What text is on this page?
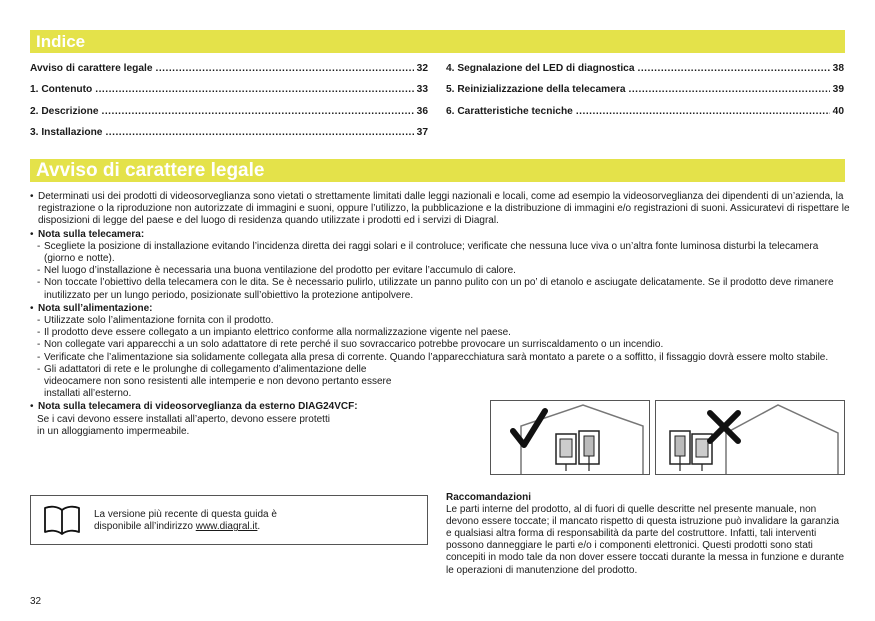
Indice
Avviso di carattere legale .....	32
1. Contenuto .....	33
2. Descrizione .....	36
3. Installazione .....	37
4. Segnalazione del LED di diagnostica .....	38
5. Reinizializzazione della telecamera .....	39
6. Caratteristiche tecniche .....	40
Avviso di carattere legale
• Determinati usi dei prodotti di videosorveglianza sono vietati o strettamente limitati dalle leggi nazionali e locali, come ad esempio la videosorveglianza dei dipendenti di un’azienda, la registrazione o la riproduzione non autorizzate di immagini e suoni, oppure l’utilizzo, la pubblicazione e la distribuzione di immagini e/o registrazioni di suoni. Assicuratevi di rispettare le disposizioni di legge del paese e del luogo di residenza quando utilizzate i prodotti ed i servizi di Diagral.
• Nota sulla telecamera:
- Scegliete la posizione di installazione evitando l’incidenza diretta dei raggi solari e il controluce; verificate che nessuna luce viva o un’altra fonte luminosa disturbi la telecamera (giorno e notte).
- Nel luogo d’installazione è necessaria una buona ventilazione del prodotto per evitare l’accumulo di calore.
- Non toccate l’obiettivo della telecamera con le dita. Se è necessario pulirlo, utilizzate un panno pulito con un po’ di etanolo e asciugate delicatamente. Se il prodotto deve rimanere inutilizzato per un lungo periodo, posizionate sull’obiettivo la protezione antipolvere.
• Nota sull’alimentazione:
- Utilizzate solo l’alimentazione fornita con il prodotto.
- Il prodotto deve essere collegato a un impianto elettrico conforme alla normalizzazione vigente nel paese.
- Non collegate vari apparecchi a un solo adattatore di rete perché il suo sovraccarico potrebbe provocare un surriscaldamento o un incendio.
- Verificate che l’alimentazione sia solidamente collegata alla presa di corrente. Quando l’apparecchiatura sarà montato a parete o a soffitto, il fissaggio dovrà essere molto stabile.
- Gli adattatori di rete e le prolunghe di collegamento d’alimentazione delle videocamere non sono resistenti alle intemperie e non devono pertanto essere installati all’esterno.
• Nota sulla telecamera di videosorveglianza da esterno DIAG24VCF:
Se i cavi devono essere installati all’aperto, devono essere protetti
in un alloggiamento impermeabile.
Raccomandazioni
Le parti interne del prodotto, al di fuori di quelle descritte nel presente manuale, non devono essere toccate; il mancato rispetto di questa istruzione può invalidare la garanzia e qualsiasi altra forma di responsabilità da parte del costruttore. Infatti, tali interventi possono danneggiare le parti e/o i componenti elettronici. Questi prodotti sono stati concepiti in modo tale da non dover essere toccati durante la messa in funzione e durante le operazioni di manutenzione del prodotto.
La versione più recente di questa guida è
disponibile all’indirizzo www.diagral.it.
32
